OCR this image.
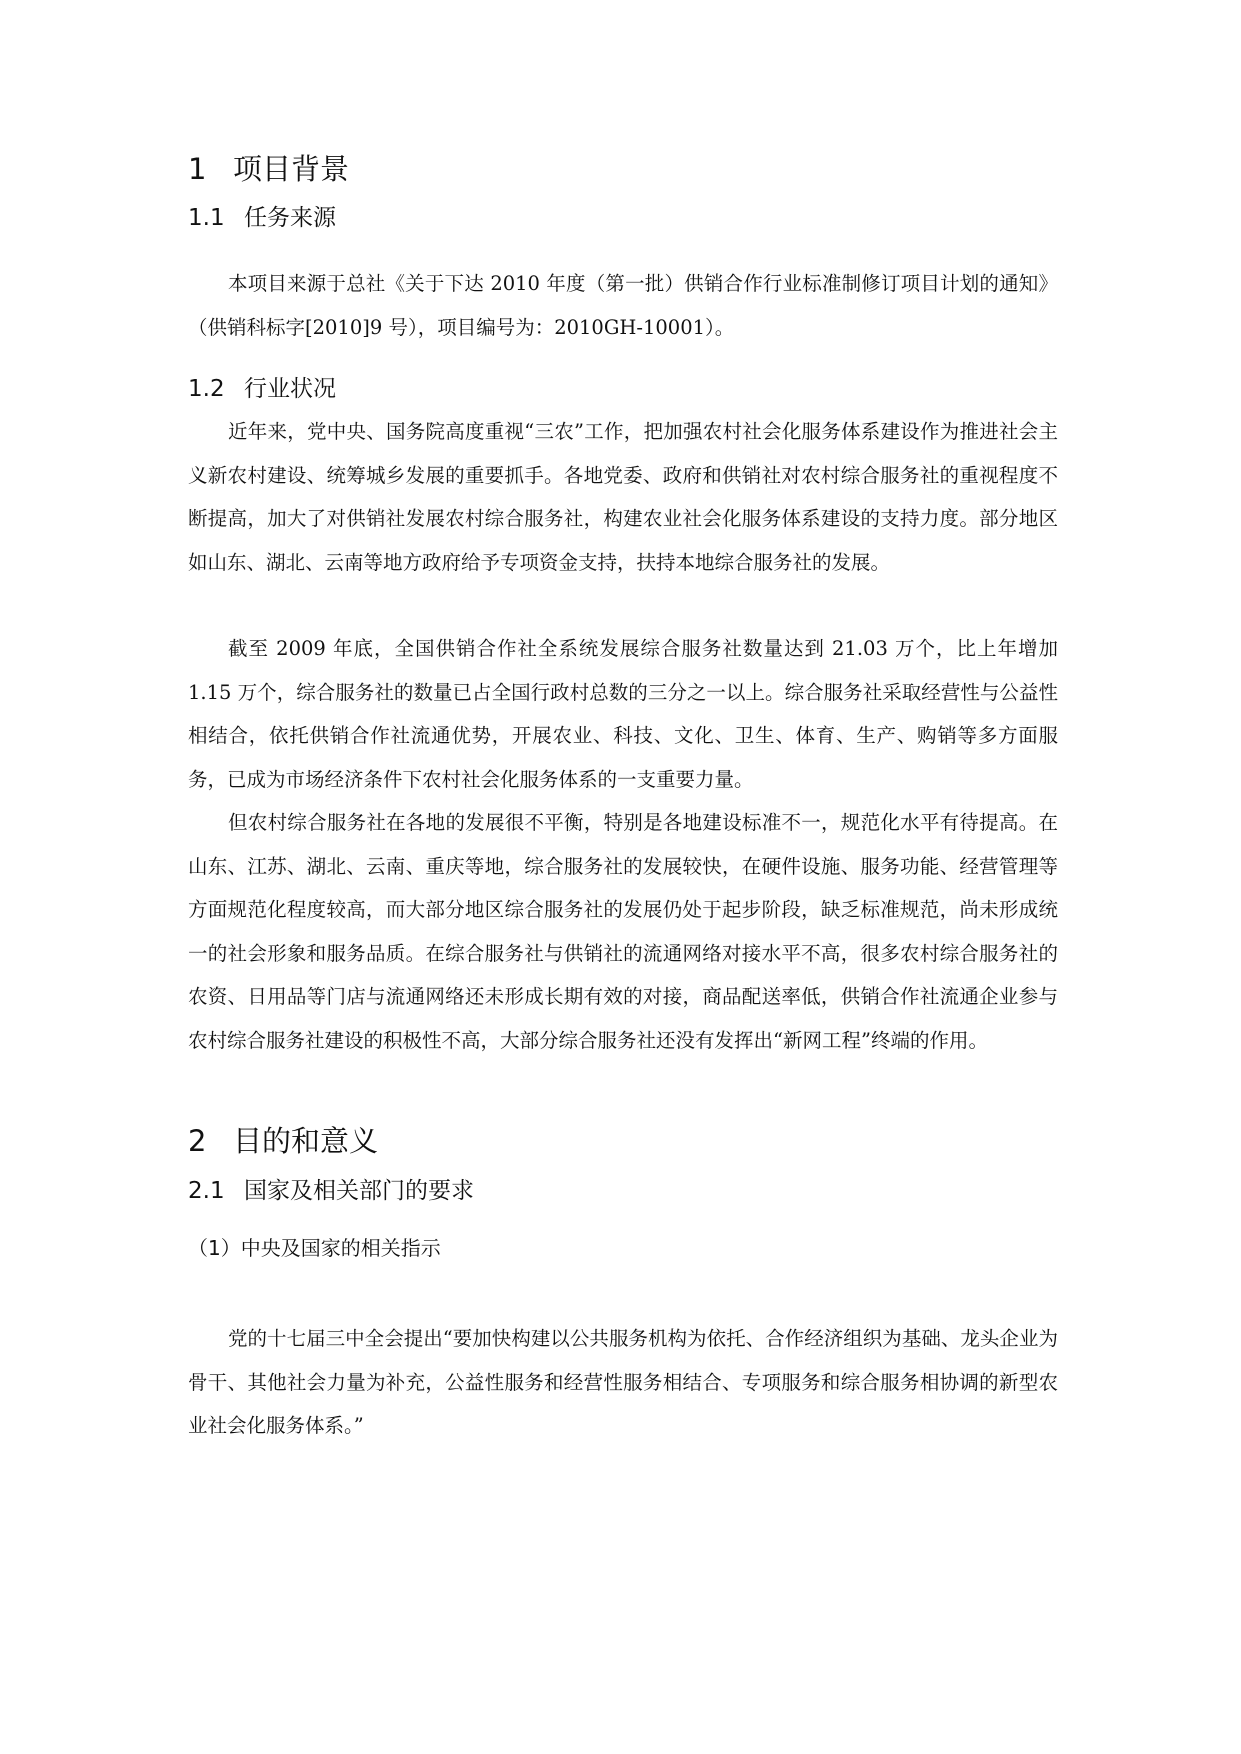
1 项目背景
1.1 任务来源

本项目来源于总社《关于下达 2010 年度（第一批）供销合作行业标准制修订项目计划的通知》（供销科标字[2010]9 号），项目编号为：2010GH-10001）。

1.2 行业状况

近年来，党中央、国务院高度重视“三农”工作，把加强农村社会化服务体系建设作为推进社会主义新农村建设、统筹城乡发展的重要抓手。各地党委、政府和供销社对农村综合服务社的重视程度不断提高，加大了对供销社发展农村综合服务社，构建农业社会化服务体系建设的支持力度。部分地区如山东、湖北、云南等地方政府给予专项资金支持，扶持本地综合服务社的发展。

截至 2009 年底，全国供销合作社全系统发展综合服务社数量达到 21.03 万个，比上年增加 1.15 万个，综合服务社的数量已占全国行政村总数的三分之一以上。综合服务社采取经营性与公益性相结合，依托供销合作社流通优势，开展农业、科技、文化、卫生、体育、生产、购销等多方面服务，已成为市场经济条件下农村社会化服务体系的一支重要力量。

但农村综合服务社在各地的发展很不平衡，特别是各地建设标准不一，规范化水平有待提高。在山东、江苏、湖北、云南、重庆等地，综合服务社的发展较快，在硬件设施、服务功能、经营管理等方面规范化程度较高，而大部分地区综合服务社的发展仍处于起步阶段，缺乏标准规范，尚未形成统一的社会形象和服务品质。在综合服务社与供销社的流通网络对接水平不高，很多农村综合服务社的农资、日用品等门店与流通网络还未形成长期有效的对接，商品配送率低，供销合作社流通企业参与农村综合服务社建设的积极性不高，大部分综合服务社还没有发挥出“新网工程”终端的作用。

2 目的和意义
2.1 国家及相关部门的要求
（1）中央及国家的相关指示

党的十七届三中全会提出“要加快构建以公共服务机构为依托、合作经济组织为基础、龙头企业为骨干、其他社会力量为补充，公益性服务和经营性服务相结合、专项服务和综合服务相协调的新型农业社会化服务体系。”
